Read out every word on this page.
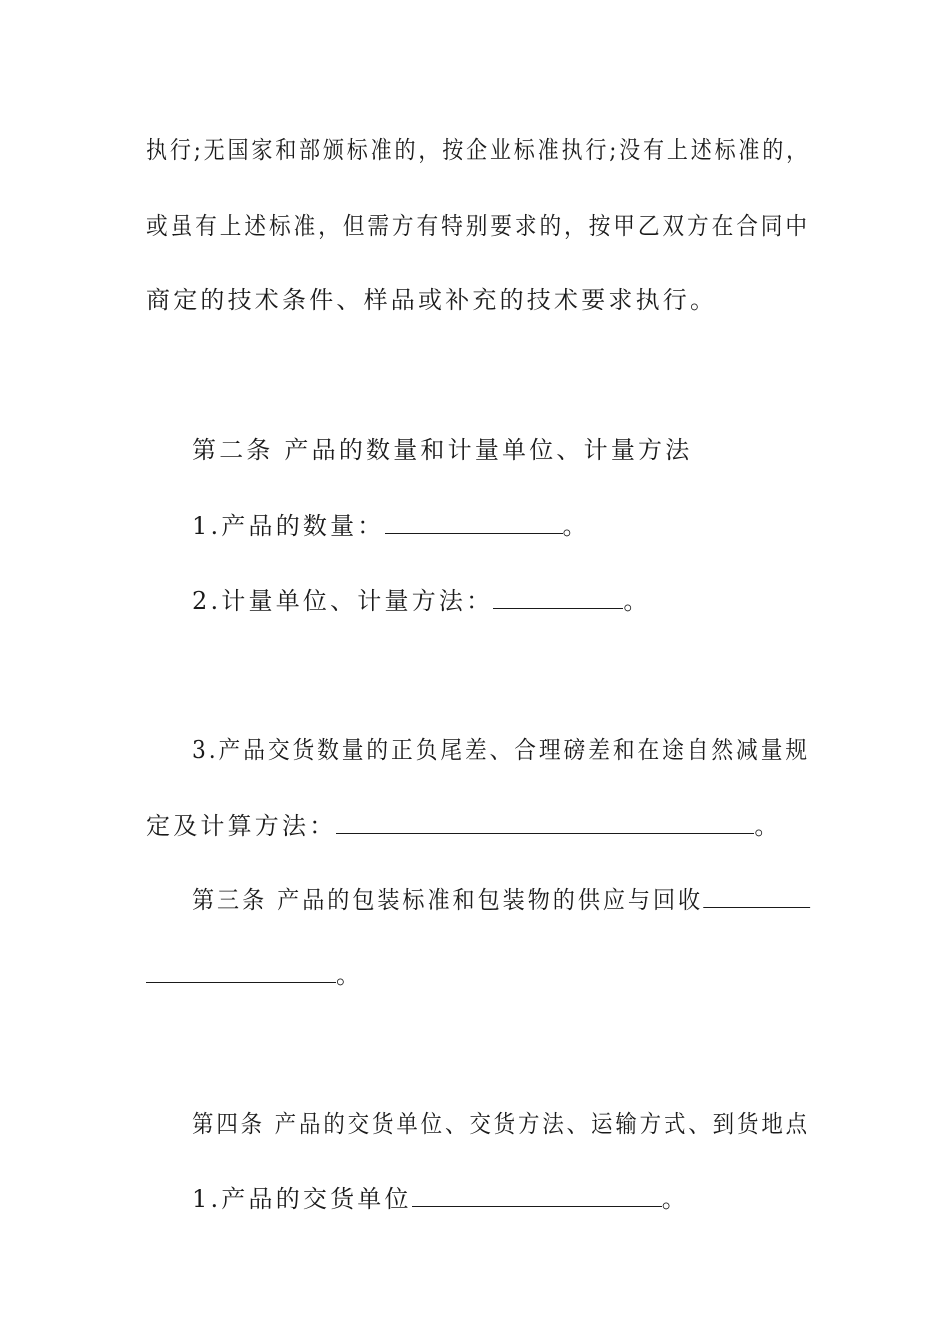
执行;无国家和部颁标准的，按企业标准执行;没有上述标准的，
或虽有上述标准，但需方有特别要求的，按甲乙双方在合同中
商定的技术条件、样品或补充的技术要求执行。
第二条 产品的数量和计量单位、计量方法
1.产品的数量：	。
2.计量单位、计量方法：	。
3.产品交货数量的正负尾差、合理磅差和在途自然减量规
定及计算方法：	。
第三条 产品的包装标准和包装物的供应与回收
。
第四条 产品的交货单位、交货方法、运输方式、到货地点
1.产品的交货单位	。
